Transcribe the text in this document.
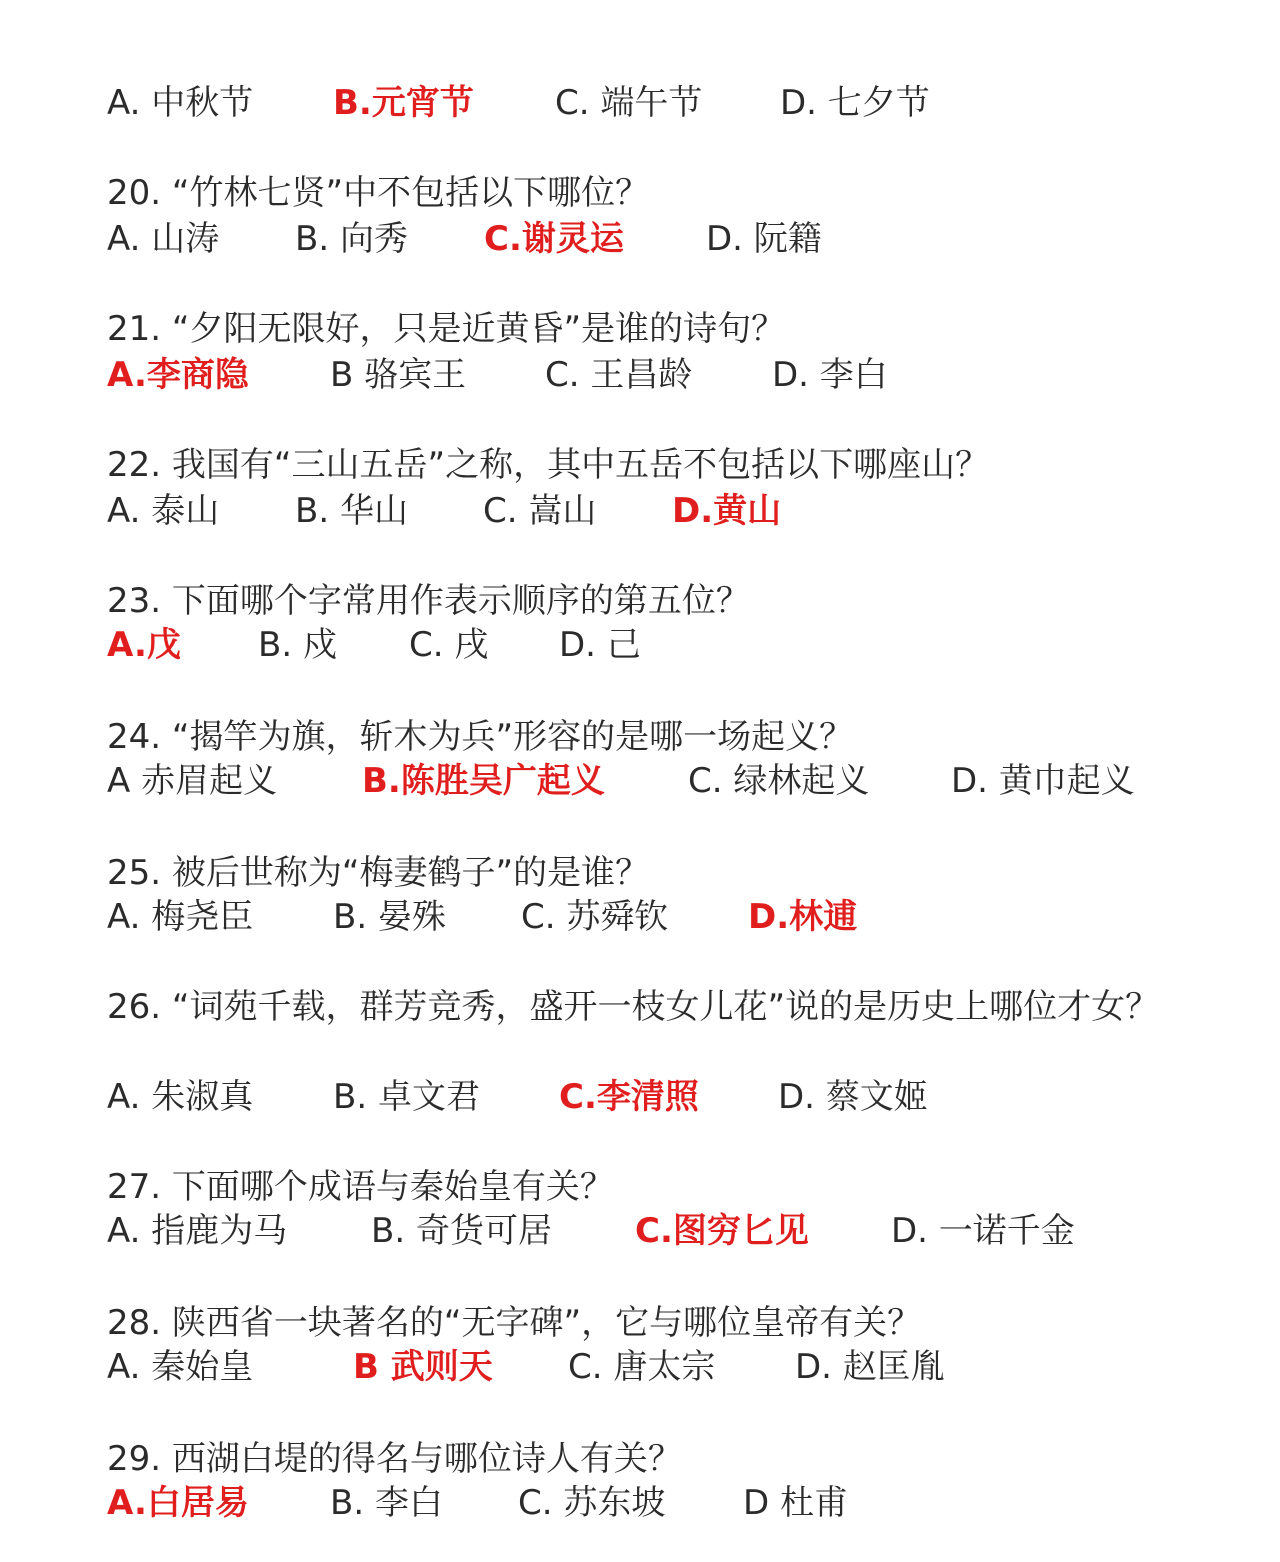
A. 中秋节 B.元宵节 C. 端午节 D. 七夕节
20. “竹林七贤”中不包括以下哪位？
A. 山涛 B. 向秀 C.谢灵运 D. 阮籍
21. “夕阳无限好，只是近黄昏”是谁的诗句？
A.李商隐 B 骆宾王 C. 王昌龄 D. 李白
22. 我国有“三山五岳”之称，其中五岳不包括以下哪座山？
A. 泰山 B. 华山 C. 嵩山 D.黄山
23. 下面哪个字常用作表示顺序的第五位？
A.戊 B. 戍 C. 戌 D. 己
24. “揭竿为旗，斩木为兵”形容的是哪一场起义？
A 赤眉起义 B.陈胜吴广起义 C. 绿林起义 D. 黄巾起义
25. 被后世称为“梅妻鹤子”的是谁？
A. 梅尧臣 B. 晏殊 C. 苏舜钦 D.林逋
26. “词苑千载，群芳竞秀，盛开一枝女儿花”说的是历史上哪位才女？
A. 朱淑真 B. 卓文君 C.李清照 D. 蔡文姬
27. 下面哪个成语与秦始皇有关？
A. 指鹿为马 B. 奇货可居 C.图穷匕见 D. 一诺千金
28. 陕西省一块著名的“无字碑”，它与哪位皇帝有关？
A. 秦始皇	B 武则天 C. 唐太宗 D. 赵匡胤
29. 西湖白堤的得名与哪位诗人有关？
A.白居易 B. 李白 C. 苏东坡 D 杜甫
